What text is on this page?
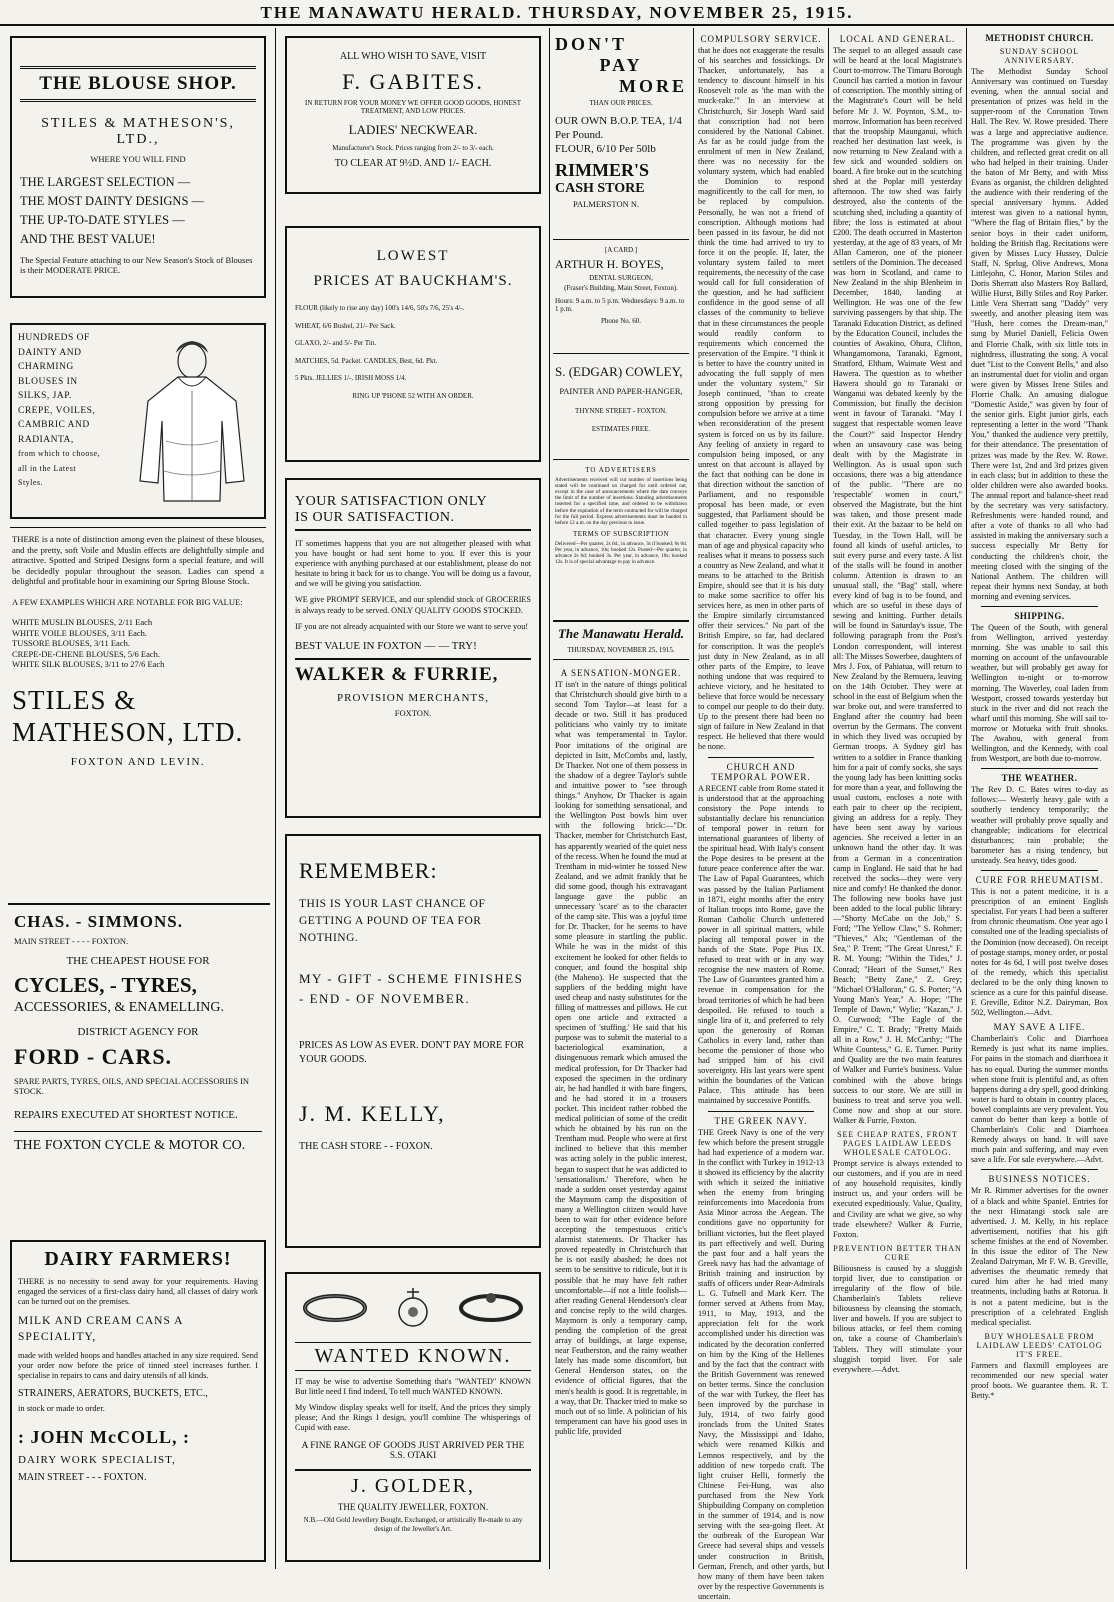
THE MANAWATU HERALD. THURSDAY, NOVEMBER 25, 1915.
THE BLOUSE SHOP.
STILES & MATHESON'S, LTD.,
WHERE YOU WILL FIND
THE LARGEST SELECTION —
THE MOST DAINTY DESIGNS —
THE UP-TO-DATE STYLES —
AND THE BEST VALUE!
The Special Feature attaching to our New Season's Stock of Blouses is their MODERATE PRICE.
HUNDREDS OF
DAINTY AND
CHARMING
BLOUSES IN
SILKS, JAP.
CREPE, VOILES,
CAMBRIC AND
RADIANTA,
from which to choose,
all in the Latest
Styles.
THERE is a note of distinction among even the plainest of these blouses, and the pretty, soft Voile and Muslin effects are delightfully simple and attractive. Spotted and Striped Designs form a special feature, and will be decidedly popular throughout the season. Ladies can spend a delightful and profitable hour in examining our Spring Blouse Stock.
A FEW EXAMPLES WHICH ARE NOTABLE FOR BIG VALUE:
WHITE MUSLIN BLOUSES, 2/11 Each
WHITE VOILE BLOUSES, 3/11 Each.
TUSSORE BLOUSES, 3/11 Each.
CREPE-DE-CHENE BLOUSES, 5/6 Each.
WHITE SILK BLOUSES, 3/11 to 27/6 Each
STILES &
MATHESON, LTD.
FOXTON AND LEVIN.
CHAS. - SIMMONS.
MAIN STREET - - - - FOXTON.
THE CHEAPEST HOUSE FOR
CYCLES, - TYRES,
ACCESSORIES, & ENAMELLING.
DISTRICT AGENCY FOR
FORD - CARS.
SPARE PARTS, TYRES, OILS, AND SPECIAL ACCESSORIES IN STOCK.
REPAIRS EXECUTED AT SHORTEST NOTICE.
THE FOXTON CYCLE & MOTOR CO.
DAIRY FARMERS!
THERE is no necessity to send away for your requirements. Having engaged the services of a first-class dairy hand, all classes of dairy work can be turned out on the premises.
MILK AND CREAM CANS A SPECIALITY,
made with welded hoops and handles attached in any size required. Send your order now before the price of tinned steel increases further. I specialise in repairs to cans and dairy utensils of all kinds.
STRAINERS, AERATORS, BUCKETS, ETC.,
in stock or made to order.
: JOHN McCOLL, :
DAIRY WORK SPECIALIST,
MAIN STREET - - - FOXTON.
ALL WHO WISH TO SAVE, VISIT
F. GABITES.
IN RETURN FOR YOUR MONEY WE OFFER GOOD GOODS, HONEST TREATMENT, AND LOW PRICES.
LADIES' NECKWEAR.
Manufacturer's Stock. Prices ranging from 2/- to 3/- each.
TO CLEAR AT 9½D. AND 1/- EACH.
LOWEST
PRICES AT BAUCKHAM'S.
FLOUR (likely to rise any day) 100's 14/6, 50's 7/6, 25's 4/-.
WHEAT, 6/6 Bushel, 21/- Per Sack.
GLAXO, 2/- and 5/- Per Tin.
MATCHES, 5d. Packet. CANDLES, Best, 6d. Pkt.
5 Pkts. JELLIES 1/-. IRISH MOSS 1/4.
RING UP 'PHONE 52 WITH AN ORDER.
YOUR SATISFACTION ONLY
IS OUR SATISFACTION.
IT sometimes happens that you are not altogether pleased with what you have bought or had sent home to you. If ever this is your experience with anything purchased at our establishment, please do not hesitate to bring it back for us to change. You will be doing us a favour, and we will be giving you satisfaction.
WE give PROMPT SERVICE, and our splendid stock of GROCERIES is always ready to be served. ONLY QUALITY GOODS STOCKED.
IF you are not already acquainted with our Store we want to serve you!
BEST VALUE IN FOXTON — — TRY!
WALKER & FURRIE,
PROVISION MERCHANTS,
FOXTON.
REMEMBER:
THIS IS YOUR LAST CHANCE OF GETTING A POUND OF TEA FOR NOTHING.
MY - GIFT - SCHEME FINISHES - END - OF NOVEMBER.
PRICES AS LOW AS EVER. DON'T PAY MORE FOR YOUR GOODS.
J. M. KELLY,
THE CASH STORE - - FOXON.
WANTED KNOWN.
IT may be wise to advertise Something that's "WANTED" KNOWN But little need I find indeed, To tell much WANTED KNOWN.
My Window display speaks well for itself, And the prices they simply please; And the Rings I design, you'll combine The whisperings of Cupid with ease.
A FINE RANGE OF GOODS JUST ARRIVED PER THE S.S. OTAKI
J. GOLDER,
THE QUALITY JEWELLER, FOXTON.
N.B.—Old Gold Jewellery Bought, Exchanged, or artistically Re-made to any design of the Jeweller's Art.
DON'T
PAY
MORE
THAN OUR PRICES.
OUR OWN B.O.P. TEA, 1/4 Per Pound.
FLOUR, 6/10 Per 50lb
RIMMER'S
CASH STORE
PALMERSTON N.
[A CARD.]
ARTHUR H. BOYES,
DENTAL SURGEON,
(Fraser's Building, Main Street, Foxton).
Hours: 9 a.m. to 5 p.m. Wednesdays: 9 a.m. to 1 p.m.
Phone No. 60.
S. (EDGAR) COWLEY,
PAINTER AND PAPER-HANGER,
THYNNE STREET - FOXTON.
ESTIMATES FREE.
TO ADVERTISERS
Advertisements received will cut number of insertions being stated will be continued on charged for until ordered out, except in the case of announcements where the date conveys the limit of the number of insertions. Standing advertisements inserted for a specified time, and ordered to be withdrawn before the expiration of the term contracted for will be charged for the full period. Express advertisements must be handed in before 12 a.m. on the day previous to issue.
TERMS OF SUBSCRIPTION
Delivered—Per quarter, 2s 6d., in advance, 3s if booked; 6s 6d. Per year, in advance, 10s; booked 12s. Posted—Per quarter, in advance 2s 6d; booked 3s. Per year, in advance, 10s; booked 12s. It is of special advantage to pay in advance.
The Manawatu Herald.
THURSDAY, NOVEMBER 25, 1915.
A SENSATION-MONGER.
IT isn't in the nature of things political that Christchurch should give birth to a second Tom Taylor—at least for a decade or two. Still it has produced politicians who vainly try to imitate what was temperamental in Taylor. Poor imitations of the original are depicted in Isitt, McCombs and, lastly, Dr Thacker. Not one of them possess in the shadow of a degree Taylor's subtle and intuitive power to "see through things." Anyhow, Dr Thacker is again looking for something sensational, and the Wellington Post bowls him over with the following brick:—"Dr. Thacker, member for Christchurch East, has apparently wearied of the quiet ness of the recess. When he found the mud at Trentham in mid-winter he tossed New Zealand, and we admit frankly that he did some good, though his extravagant language gave the public an unnecessary 'scare' as to the character of the camp site. This was a joyful time for Dr. Thacker, for he seems to have some pleasure in startling the public. While he was in the midst of this excitement he looked for other fields to conquer, and found the hospital ship (the Maheno). He suspected that the suppliers of the bedding might have used cheap and nasty substitutes for the filling of mattresses and pillows. He cut open one article and extracted a specimen of 'stuffing.' He said that his purpose was to submit the material to a bacteriological examination, a disingenuous remark which amused the medical profession, for Dr Thacker had exposed the specimen in the ordinary air, he had handled it with bare fingers, and he had stored it in a trousers pocket. This incident rather robbed the medical politician of some of the credit which he obtained by his run on the Trentham mud. People who were at first inclined to believe that this member was acting solely in the public interest, began to suspect that he was addicted to 'sensationalism.' Therefore, when he made a sudden onset yesterday against the Maymorn camp the disposition of many a Wellington citizen would have been to wait for other evidence before accepting the tempestuous critic's alarmist statements. Dr Thacker has proved repeatedly in Christchurch that he is not easily abashed; he does not seem to be sensitive to ridicule, but it is possible that he may have felt rather uncomfortable—if not a little foolish—after reading General Henderson's clear and concise reply to the wild charges. Maymorn is only a temporary camp, pending the completion of the great array of buildings, at large expense, near Featherston, and the rainy weather lately has made some discomfort, but General Henderson states, on the evidence of official figures, that the men's health is good. It is regrettable, in a way, that Dr. Thacker tried to make so much out of so little. A politician of his temperament can have his good uses in public life, provided
COMPULSORY SERVICE.
that he does not exaggerate the results of his searches and fossickings. Dr Thacker, unfortunately, has a tendency to discount himself in his Roosevelt role as 'the man with the muck-rake.'" In an interview at Christchurch, Sir Joseph Ward said that conscription had not been considered by the National Cabinet. As far as he could judge from the enrolment of men in New Zealand, there was no necessity for the voluntary system, which had enabled the Dominion to respond magnificently to the call for men, to be replaced by compulsion. Personally, he was not a friend of conscription. Although motions had been passed in its favour, he did not think the time had arrived to try to force it on the people. If, later, the voluntary system failed to meet requirements, the necessity of the case would call for full consideration of the question, and he had sufficient confidence in the good sense of all classes of the community to believe that in these circumstances the people would readily conform to requirements which concerned the preservation of the Empire. "I think it is better to have the country united in advocating the full supply of men under the voluntary system," Sir Joseph continued, "than to create strong opposition by pressing for compulsion before we arrive at a time when reconsideration of the present system is forced on us by its failure. Any feeling of anxiety in regard to compulsion being imposed, or any unrest on that account is allayed by the fact that nothing can be done in that direction without the sanction of Parliament, and no responsible proposal has been made, or even suggested, that Parliament should be called together to pass legislation of that character. Every young single man of age and physical capacity who realises what it means to possess such a country as New Zealand, and what it means to be attached to the British Empire, should see that it is his duty to make some sacrifice to offer his services here, as men in other parts of the Empire similarly circumstanced offer their services." No part of the British Empire, so far, had declared for conscription. It was the people's just duty in New Zealand, as in all other parts of the Empire, to leave nothing undone that was required to achieve victory, and he hesitated to believe that force would be necessary to compel our people to do their duty. Up to the present there had been no sign of failure in New Zealand in that respect. He believed that there would be none.
CHURCH AND TEMPORAL POWER.
A RECENT cable from Rome stated it is understood that at the approaching consistory the Pope intends to substantially declare his renunciation of temporal power in return for international guarantees of liberty of the spiritual head. With Italy's consent the Pope desires to be present at the future peace conference after the war. The Law of Papal Guarantees, which was passed by the Italian Parliament in 1871, eight months after the entry of Italian troops into Rome, gave the Roman Catholic Church unfettered power in all spiritual matters, while placing all temporal power in the hands of the State. Pope Pius IX. refused to treat with or in any way recognise the new masters of Rome. The Law of Guarantees granted him a revenue in compensation for the broad territories of which he had been despoiled. He refused to touch a single lira of it, and preferred to rely upon the generosity of Roman Catholics in every land, rather than become the pensioner of those who had stripped him of his civil sovereignty. His last years were spent within the boundaries of the Vatican Palace. This attitude has been maintained by successive Pontiffs.
THE GREEK NAVY.
THE Greek Navy is one of the very few which before the present struggle had had experience of a modern war. In the conflict with Turkey in 1912-13 it showed its efficiency by the alacrity with which it seized the initiative when the enemy from bringing reinforcements into Macedonia from Asia Minor across the Aegean. The conditions gave no opportunity for brilliant victories, but the fleet played its part effectively and well. During the past four and a half years the Greek navy has had the advantage of British training and instruction by staffs of officers under Rear-Admirals L. G. Tufnell and Mark Kerr. The former served at Athens from May, 1911, to May, 1913, and the appreciation felt for the work accomplished under his direction was indicated by the decoration conferred on him by the King of the Hellenes and by the fact that the contract with the British Government was renewed on better terms. Since the conclusion of the war with Turkey, the fleet has been improved by the purchase in July, 1914, of two fairly good ironclads from the United States Navy, the Mississippi and Idaho, which were renamed Kilkis and Lemnos respectively, and by the addition of new torpedo craft. The light cruiser Helli, formerly the Chinese Fei-Hung, was also purchased from the New York Shipbuilding Company on completion in the summer of 1914, and is now serving with the sea-going fleet. At the outbreak of the European War Greece had several ships and vessels under construction in British, German, French, and other yards, but how many of them have been taken over by the respective Governments is uncertain.
LOCAL AND GENERAL.
The sequel to an alleged assault case will be heard at the local Magistrate's Court to-morrow. The Timaru Borough Council has carried a motion in favour of conscription. The monthly sitting of the Magistrate's Court will be held before Mr J. W. Poynton, S.M., to-morrow. Information has been received that the troopship Maunganui, which reached her destination last week, is now returning to New Zealand with a few sick and wounded soldiers on board. A fire broke out in the scutching shed at the Poplar mill yesterday afternoon. The tow shed was fairly destroyed, also the contents of the scutching shed, including a quantity of fibre; the loss is estimated at about £200. The death occurred in Masterton yesterday, at the age of 83 years, of Mr Allan Cameron, one of the pioneer settlers of the Dominion. The deceased was born in Scotland, and came to New Zealand in the ship Blenheim in December, 1840, landing at Wellington. He was one of the few surviving passengers by that ship. The Taranaki Education District, as defined by the Education Council, includes the counties of Awakino, Ohura, Clifton, Whangamomona, Taranaki, Egmont, Stratford, Eltham, Waimate West and Hawera. The question as to whether Hawera should go to Taranaki or Wanganui was debated keenly by the Commission, but finally the decision went in favour of Taranaki. "May I suggest that respectable women leave the Court?" said Inspector Hendry when an unsavoury case was being dealt with by the Magistrate in Wellington. As is usual upon such occasions, there was a big attendance of the public. "There are no 'respectable' women in court," observed the Magistrate, but the hint was taken, and those present made their exit. At the bazaar to be held on Tuesday, in the Town Hall, will be found all kinds of useful articles, to suit every purse and every taste. A list of the stalls will be found in another column. Attention is drawn to an unusual stall, the "Bag" stall, where every kind of bag is to be found, and which are so useful in these days of sewing and knitting. Further details will be found in Saturday's issue. The following paragraph from the Post's London correspondent, will interest all: The Misses Sowerbee, daughters of Mrs J. Fox, of Pahiatua, will return to New Zealand by the Remuera, leaving on the 14th October. They were at school in the east of Belgium when the war broke out, and were transferred to England after the country had been overrun by the Germans. The convent in which they lived was occupied by German troops. A Sydney girl has written to a soldier in France thanking him for a pair of comfy socks, she says the young lady has been knitting socks for more than a year, and following the usual custom, encloses a note with each pair to cheer up the recipient, giving an address for a reply. They have been sent away by various agencies. She received a letter in an unknown hand the other day. It was from a German in a concentration camp in England. He said that he had received the socks—they were very nice and comfy! He thanked the donor. The following new books have just been added to the local public library:—"Shorty McCabe on the Job," S. Ford; "The Yellow Claw," S. Rohmer; "Thieves," Alx; "Gentleman of the Sea," P. Trent; "The Great Unrest," F. R. M. Young; "Within the Tides," J. Conrad; "Heart of the Sunset," Rex Beach; "Betty Zane," Z. Grey; "Michael O'Halloran," G. S. Porter; "A Young Man's Year," A. Hope; "The Temple of Dawn," Wylie; "Kazan," J. O. Curwood; "The Eagle of the Empire," C. T. Brady; "Pretty Maids all in a Row," J. H. McCarthy; "The White Countess," G. E. Turner. Purity and Quality are the two main features of Walker and Furrie's business. Value combined with the above brings success to our store. We are still in business to treat and serve you well. Come now and shop at our store. Walker & Furrie, Foxton.
SEE CHEAP RATES, FRONT PAGES LAIDLAW LEEDS WHOLESALE CATOLOG.
Prompt service is always extended to our customers, and if you are in need of any household requisites, kindly instruct us, and your orders will be executed expeditiously. Value, Quality, and Civility are what we give, so why trade elsewhere? Walker & Furrie, Foxton.
PREVENTION BETTER THAN CURE
Biliousness is caused by a sluggish torpid liver, due to constipation or irregularity of the flow of bile. Chamberlain's Tablets relieve biliousness by cleansing the stomach, liver and bowels. If you are subject to bilious attacks, or feel them coming on, take a course of Chamberlain's Tablets. They will stimulate your sluggish torpid liver. For sale everywhere.—Advt.
METHODIST CHURCH.
SUNDAY SCHOOL ANNIVERSARY.
The Methodist Sunday School Anniversary was continued on Tuesday evening, when the annual social and presentation of prizes was held in the supper-room of the Coronation Town Hall. The Rev. W. Rowe presided. There was a large and appreciative audience. The programme was given by the children, and reflected great credit on all who had helped in their training. Under the baton of Mr Betty, and with Miss Evans as organist, the children delighted the audience with their rendering of the special anniversary hymns. Added interest was given to a national hymn, "Where the flag of Britain flies," by the senior boys in their cadet uniform, holding the British flag. Recitations were given by Misses Lucy Hussey, Dulcie Staff, N. Sprlug, Olive Andrews, Mona Littlejohn, C. Honor, Marion Stiles and Doris Sherratt also Masters Roy Ballard, Willie Hurst, Billy Stiles and Roy Parker. Little Vera Sherratt sang "Daddy" very sweetly, and another pleasing item was "Hush, here comes the Dream-man," sung by Muriel Daniell, Felicia Owen and Florrie Chalk, with six little tots in nightdress, illustrating the song. A vocal duet "List to the Convent Bells," and also an instrumental duet for violin and organ were given by Misses Irene Stiles and Florrie Chalk. An amusing dialogue "Domestic Aside," was given by four of the senior girls. Eight junior girls, each representing a letter in the word "Thank You," thanked the audience very prettily, for their attendance. The presentation of prizes was made by the Rev. W. Rowe. There were 1st, 2nd and 3rd prizes given in each class; but in addition to these the older children were also awarded books. The annual report and balance-sheet read by the secretary was very satisfactory. Refreshments were handed round, and after a vote of thanks to all who had assisted in making the anniversary such a success especially Mr Betty for conducting the children's choir, the meeting closed with the singing of the National Anthem. The children will repeat their hymns next Sunday, at both morning and evening services.
SHIPPING.
The Queen of the South, with general from Wellington, arrived yesterday morning. She was unable to sail this morning on account of the unfavourable weather, but will probably get away for Wellington to-night or to-morrow morning. The Waverley, coal laden from Westport, crossed towards yesterday but stuck in the river and did not reach the wharf until this morning. She will sail to-morrow or Motueka with fruit shooks. The Awahou, with general from Wellington, and the Kennedy, with coal from Westport, are both due to-morrow.
THE WEATHER.
The Rev D. C. Bates wires to-day as follows:— Westerly heavy gale with a southerly tendency temporarily; the weather will probably prove squally and changeable; indications for electrical disturbances; rain probable; the barometer has a rising tendency, but unsteady. Sea heavy, tides good.
CURE FOR RHEUMATISM.
This is not a patent medicine, it is a prescription of an eminent English specialist. For years I had been a sufferer from chronic rheumatism. One year ago I consulted one of the leading specialists of the Dominion (now deceased). On receipt of postage stamps, money order, or postal notes for 4s 6d, I will post twelve doses of the remedy, which this specialist declared to be the only thing known to science as a cure for this painful disease. F. Greville, Editor N.Z. Dairyman, Box 502, Wellington.—Advt.
MAY SAVE A LIFE.
Chamberlain's Colic and Diarrhoea Remedy is just what its name implies. For pains in the stomach and diarrhoea it has no equal. During the summer months when stone fruit is plentiful and, as often happens during a dry spell, good drinking water is hard to obtain in country places, bowel complaints are very prevalent. You cannot do better than keep a bottle of Chamberlain's Colic and Diarrhoea Remedy always on hand. It will save much pain and suffering, and may even save a life. For sale everywhere.—Advt.
BUSINESS NOTICES.
Mr R. Rimmer advertises for the owner of a black and white Spaniel. Entries for the next Himatangi stock sale are advertised. J. M. Kelly, in his replace advertisement, notifies that his gift scheme finishes at the end of November. In this issue the editor of The New Zealand Dairyman, Mr F. W. B. Greville, advertises the rheumatic remedy that cured him after he had tried many treatments, including baths at Rotorua. It is not a patent medicine, but is the prescription of a celebrated English medical specialist.
BUY WHOLESALE FROM LAIDLAW LEEDS' CATOLOG IT'S FREE.
Farmers and flaxmill employees are recommended our new special water proof boots. We guarantee them. R. T. Betty.*
